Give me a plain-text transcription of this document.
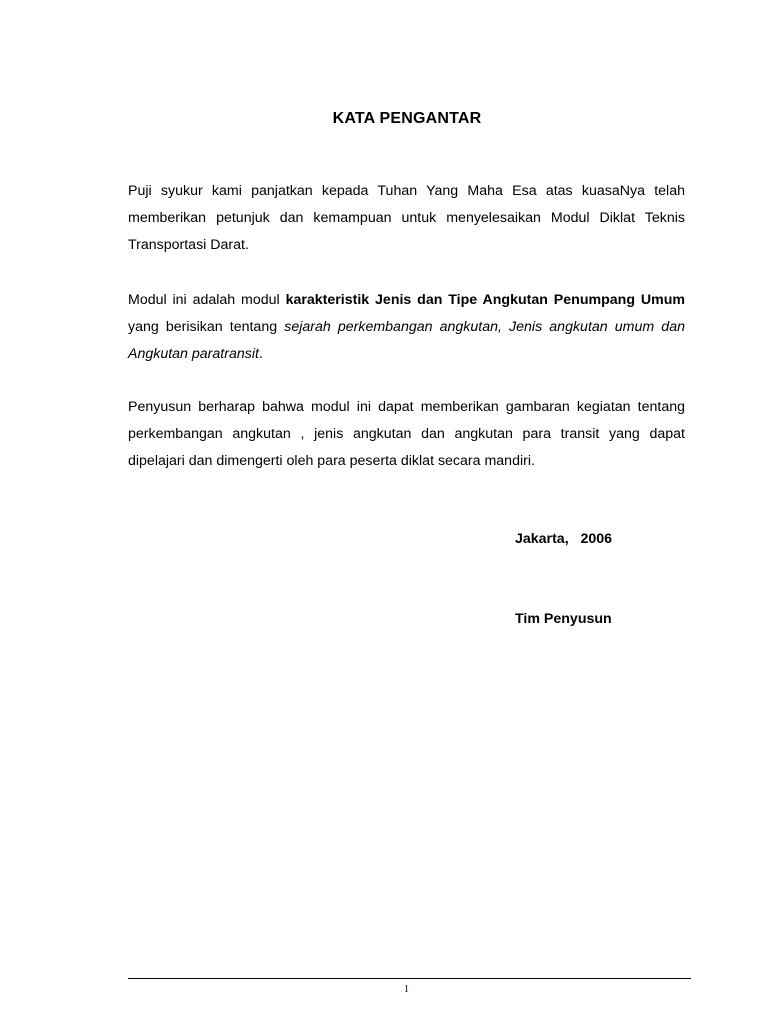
KATA PENGANTAR
Puji syukur kami panjatkan kepada Tuhan Yang Maha Esa atas kuasaNya telah memberikan petunjuk dan kemampuan untuk menyelesaikan Modul Diklat Teknis Transportasi Darat.
Modul ini adalah modul karakteristik Jenis dan Tipe Angkutan Penumpang Umum yang berisikan tentang sejarah perkembangan angkutan, Jenis angkutan umum dan Angkutan paratransit.
Penyusun berharap bahwa modul ini dapat memberikan gambaran kegiatan tentang perkembangan angkutan , jenis angkutan dan angkutan para transit yang dapat dipelajari dan dimengerti oleh para peserta diklat secara mandiri.
Jakarta,   2006
Tim Penyusun
1
